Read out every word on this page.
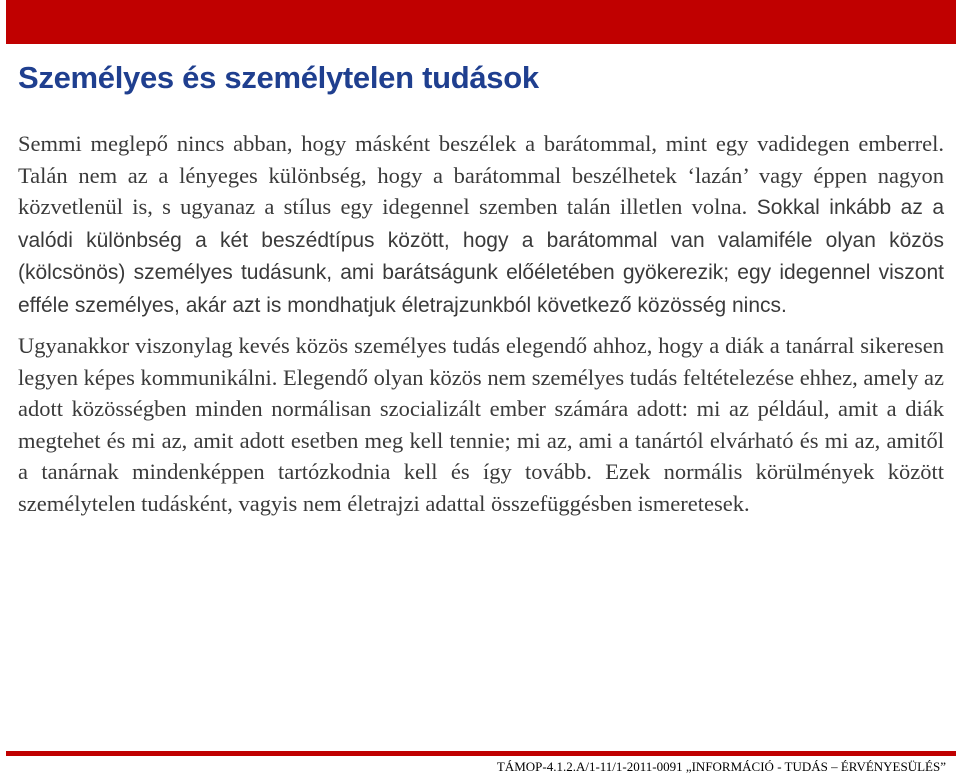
Személyes és személytelen tudások

Semmi meglepő nincs abban, hogy másként beszélek a barátommal, mint egy vadidegen emberrel. Talán nem az a lényeges különbség, hogy a barátommal beszélhetek ‘lazán’ vagy éppen nagyon közvetlenül is, s ugyanaz a stílus egy idegennel szemben talán illetlen volna. Sokkal inkább az a valódi különbség a két beszédtípus között, hogy a barátommal van valamiféle olyan közös (kölcsönös) személyes tudásunk, ami barátságunk előéletében gyökerezik; egy idegennel viszont efféle személyes, akár azt is mondhatjuk életrajzunkból következő közösség nincs.

Ugyanakkor viszonylag kevés közös személyes tudás elegendő ahhoz, hogy a diák a tanárral sikeresen legyen képes kommunikálni. Elegendő olyan közös nem személyes tudás feltételezése ehhez, amely az adott közösségben minden normálisan szocializált ember számára adott: mi az például, amit a diák megtehet és mi az, amit adott esetben meg kell tennie; mi az, ami a tanártól elvárható és mi az, amitől a tanárnak mindenképpen tartózkodnia kell és így tovább. Ezek normális körülmények között személytelen tudásként, vagyis nem életrajzi adattal összefüggésben ismeretesek.

TÁMOP-4.1.2.A/1-11/1-2011-0091 „INFORMÁCIÓ - TUDÁS – ÉRVÉNYESÜLÉS”
